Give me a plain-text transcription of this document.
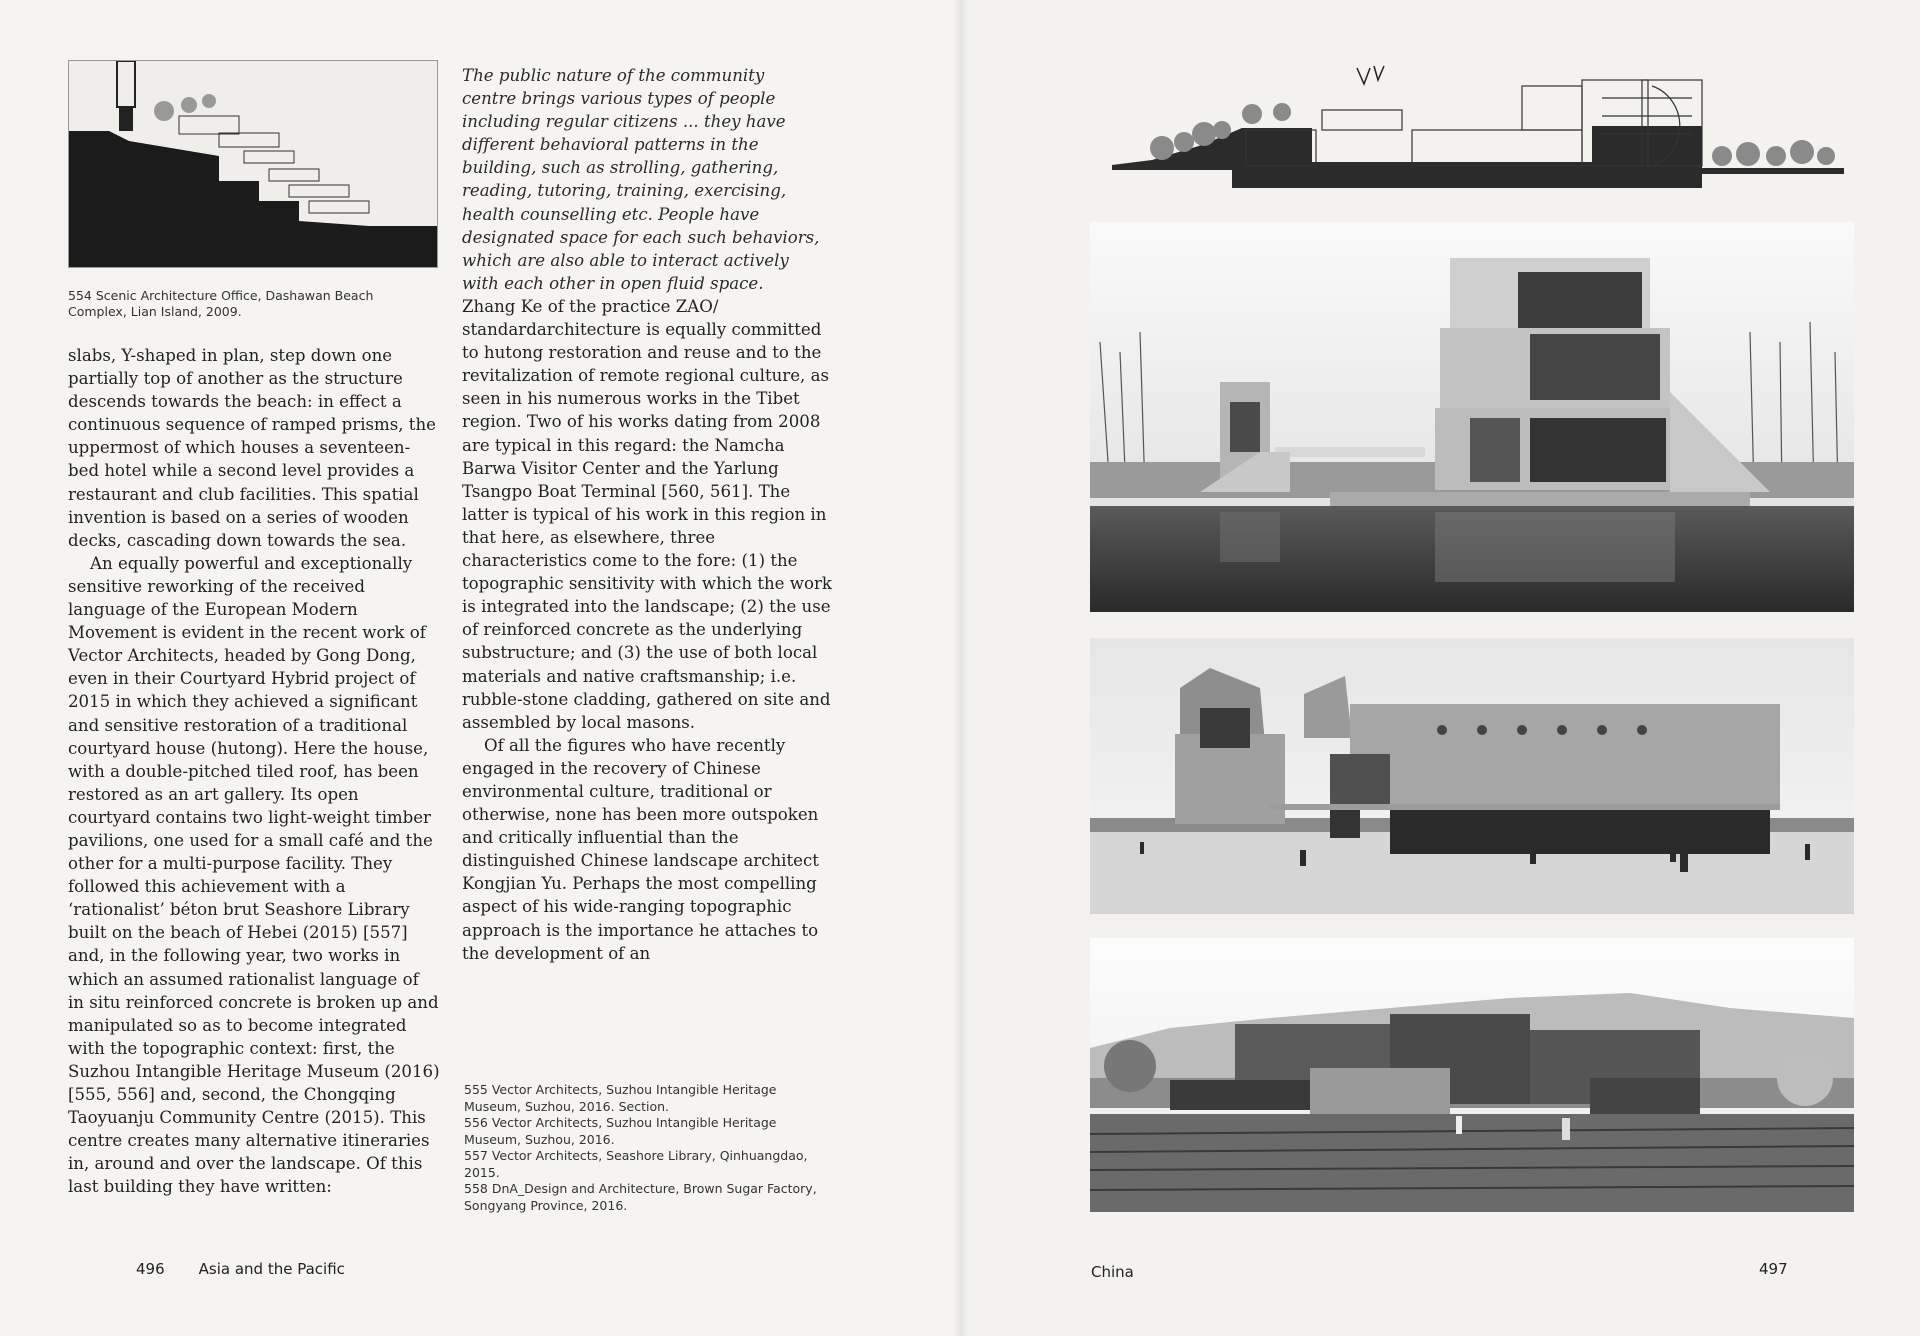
554 Scenic Architecture Office, Dashawan Beach Complex, Lian Island, 2009.

slabs, Y-shaped in plan, step down one partially top of another as the structure descends towards the beach: in effect a continuous sequence of ramped prisms, the uppermost of which houses a seventeen-bed hotel while a second level provides a restaurant and club facilities. This spatial invention is based on a series of wooden decks, cascading down towards the sea.

An equally powerful and exceptionally sensitive reworking of the received language of the European Modern Movement is evident in the recent work of Vector Architects, headed by Gong Dong, even in their Courtyard Hybrid project of 2015 in which they achieved a significant and sensitive restoration of a traditional courtyard house (hutong). Here the house, with a double-pitched tiled roof, has been restored as an art gallery. Its open courtyard contains two light-weight timber pavilions, one used for a small café and the other for a multi-purpose facility. They followed this achievement with a ‘rationalist’ béton brut Seashore Library built on the beach of Hebei (2015) [557] and, in the following year, two works in which an assumed rationalist language of in situ reinforced concrete is broken up and manipulated so as to become integrated with the topographic context: first, the Suzhou Intangible Heritage Museum (2016) [555, 556] and, second, the Chongqing Taoyuanju Community Centre (2015). This centre creates many alternative itineraries in, around and over the landscape. Of this last building they have written:

The public nature of the community centre brings various types of people including regular citizens ... they have different behavioral patterns in the building, such as strolling, gathering, reading, tutoring, training, exercising, health counselling etc. People have designated space for each such behaviors, which are also able to interact actively with each other in open fluid space.

Zhang Ke of the practice ZAO/ standardarchitecture is equally committed to hutong restoration and reuse and to the revitalization of remote regional culture, as seen in his numerous works in the Tibet region. Two of his works dating from 2008 are typical in this regard: the Namcha Barwa Visitor Center and the Yarlung Tsangpo Boat Terminal [560, 561]. The latter is typical of his work in this region in that here, as elsewhere, three characteristics come to the fore: (1) the topographic sensitivity with which the work is integrated into the landscape; (2) the use of reinforced concrete as the underlying substructure; and (3) the use of both local materials and native craftsmanship; i.e. rubble-stone cladding, gathered on site and assembled by local masons.

Of all the figures who have recently engaged in the recovery of Chinese environmental culture, traditional or otherwise, none has been more outspoken and critically influential than the distinguished Chinese landscape architect Kongjian Yu. Perhaps the most compelling aspect of his wide-ranging topographic approach is the importance he attaches to the development of an

555 Vector Architects, Suzhou Intangible Heritage Museum, Suzhou, 2016. Section.
556 Vector Architects, Suzhou Intangible Heritage Museum, Suzhou, 2016.
557 Vector Architects, Seashore Library, Qinhuangdao, 2015.
558 DnA_Design and Architecture, Brown Sugar Factory, Songyang Province, 2016.
496 Asia and the Pacific	China	497
